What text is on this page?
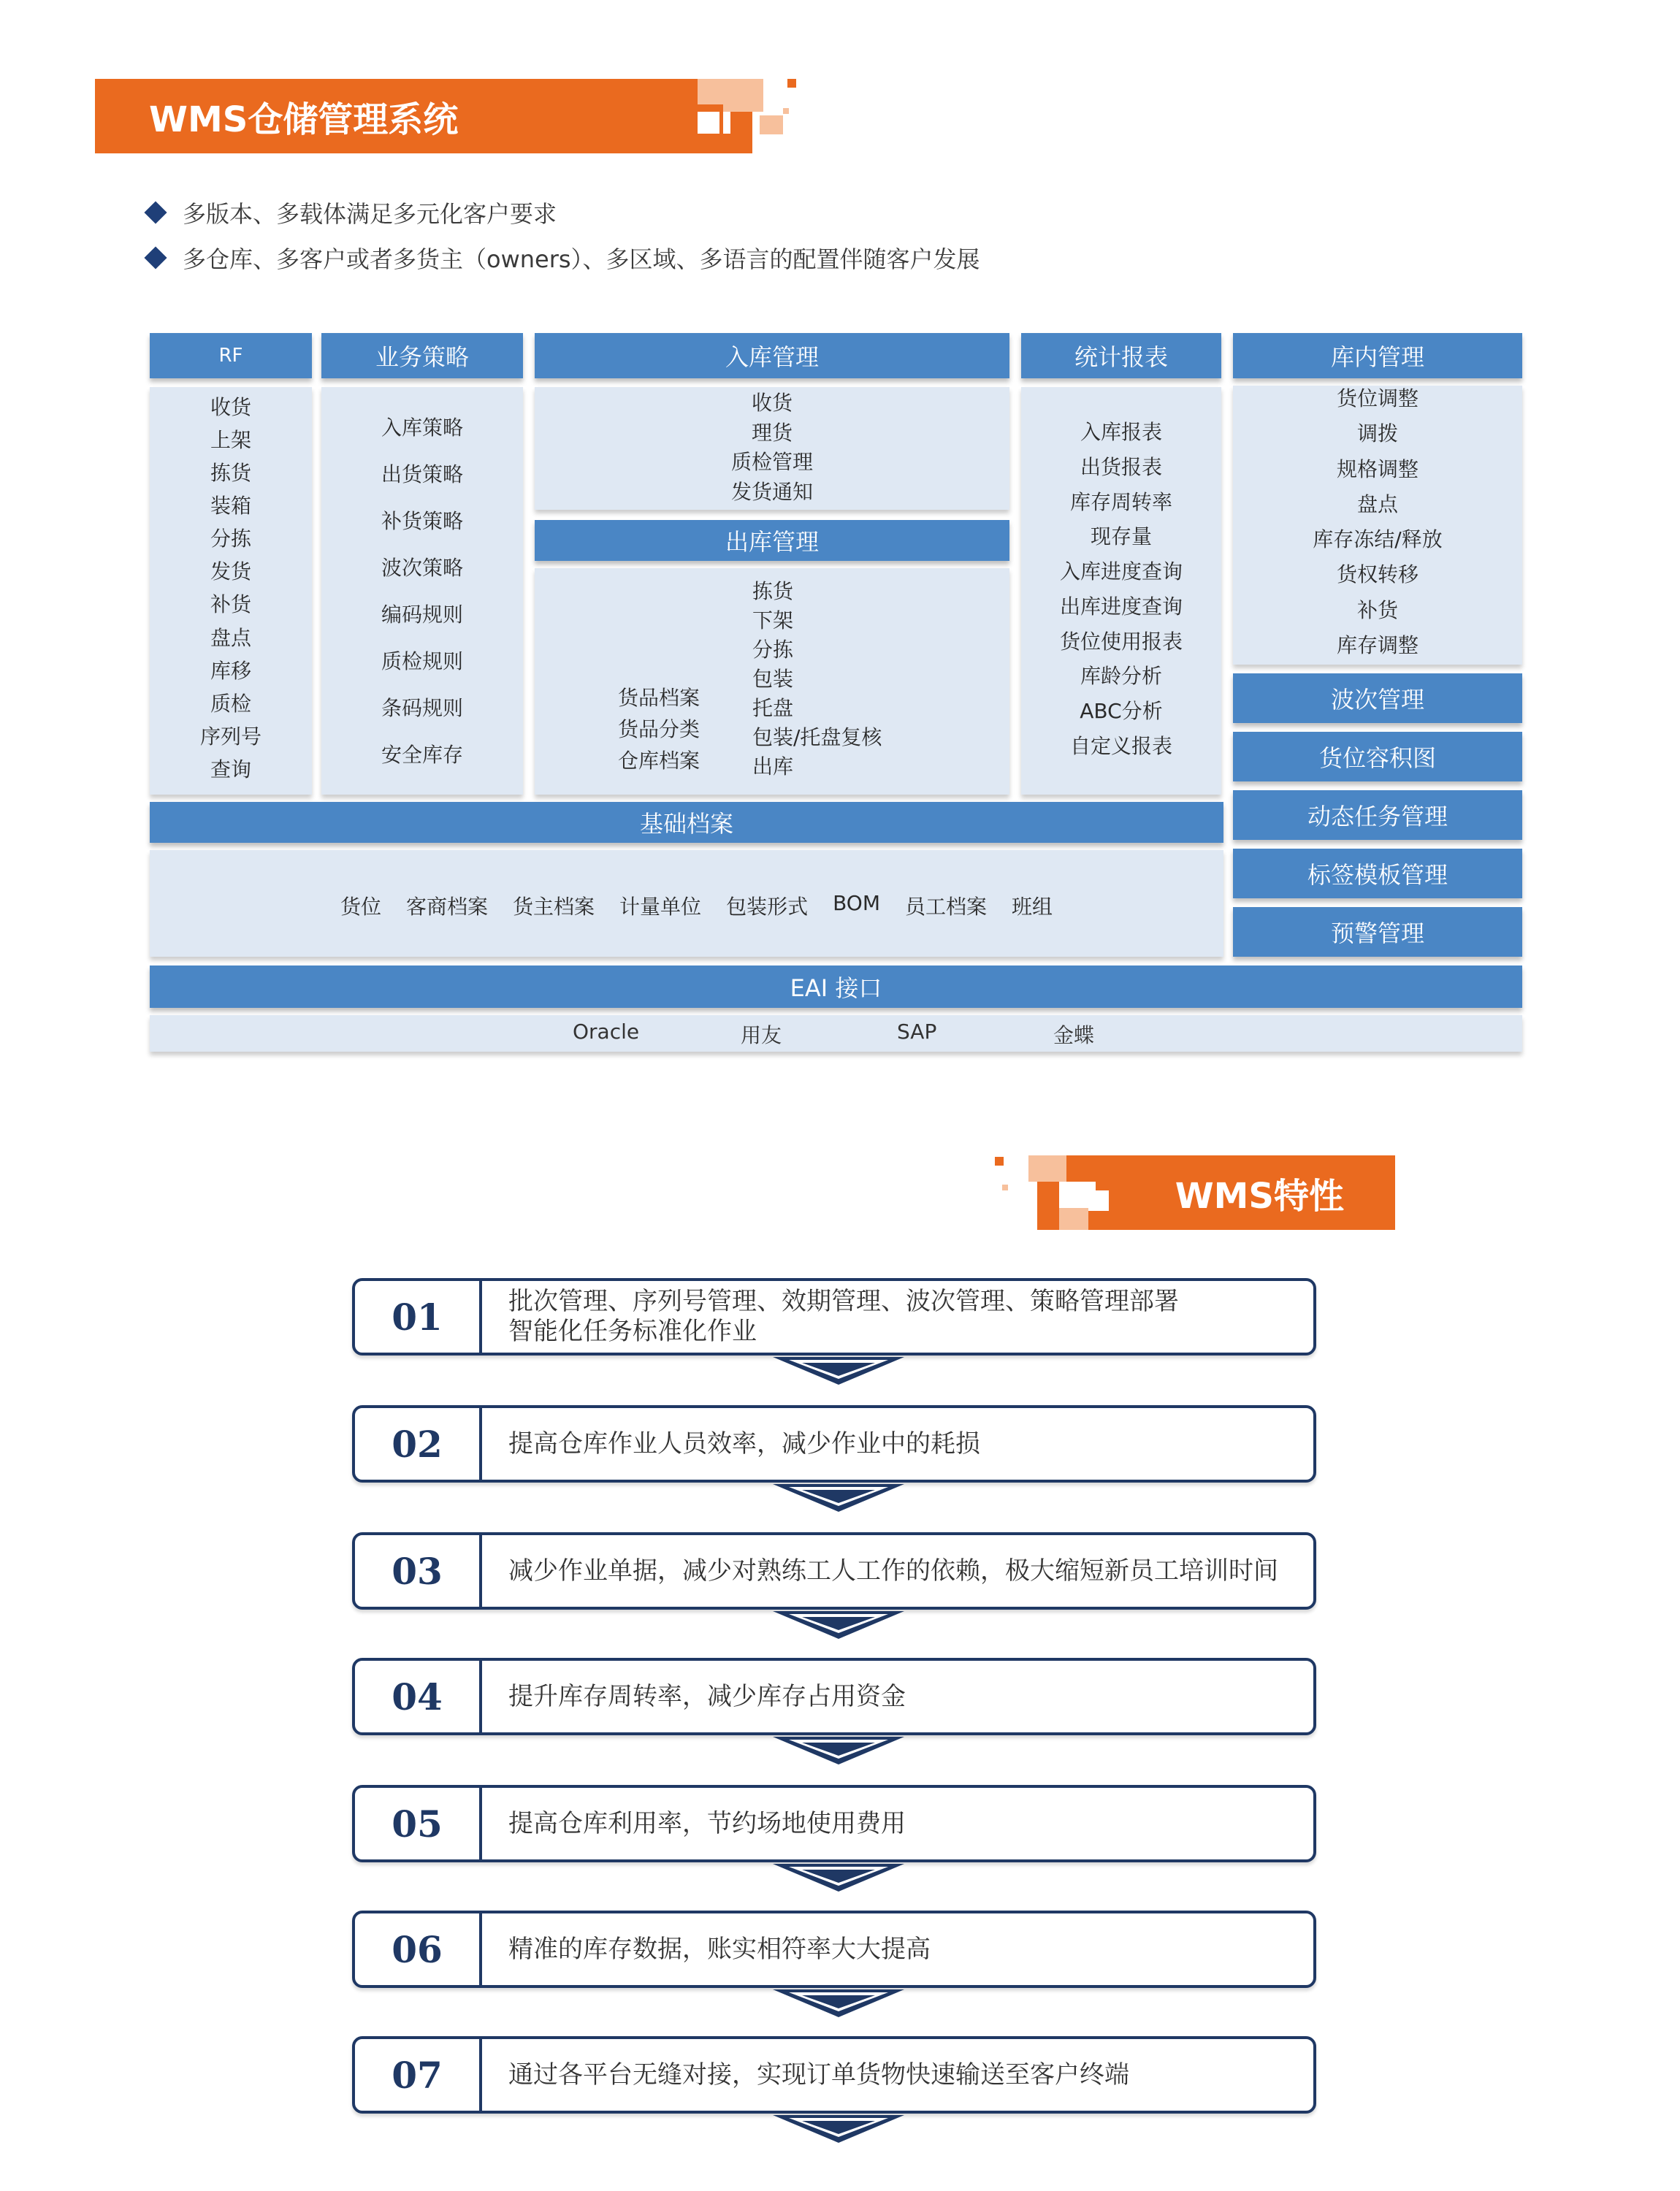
WMS仓储管理系统
多版本、多载体满足多元化客户要求
多仓库、多客户或者多货主（owners）、多区域、多语言的配置伴随客户发展
RF
收货
上架
拣货
装箱
分拣
发货
补货
盘点
库移
质检
序列号
查询
业务策略
入库策略
出货策略
补货策略
波次策略
编码规则
质检规则
条码规则
安全库存
入库管理
收货
理货
质检管理
发货通知
出库管理
货品档案
货品分类
仓库档案
拣货
下架
分拣
包装
托盘
包装/托盘复核
出库
统计报表
入库报表
出货报表
库存周转率
现存量
入库进度查询
出库进度查询
货位使用报表
库龄分析
ABC分析
自定义报表
库内管理
货位调整
调拨
规格调整
盘点
库存冻结/释放
货权转移
补货
库存调整
波次管理
货位容积图
动态任务管理
标签模板管理
预警管理
基础档案
货位 客商档案 货主档案 计量单位 包装形式 BOM 员工档案 班组
EAI 接口
Oracle	用友	SAP	金蝶
WMS特性
01	批次管理、序列号管理、效期管理、波次管理、策略管理部署
智能化任务标准化作业
02	提高仓库作业人员效率，减少作业中的耗损
03	减少作业单据，减少对熟练工人工作的依赖，极大缩短新员工培训时间
04	提升库存周转率，减少库存占用资金
05	提高仓库利用率，节约场地使用费用
06	精准的库存数据，账实相符率大大提高
07	通过各平台无缝对接，实现订单货物快速输送至客户终端
